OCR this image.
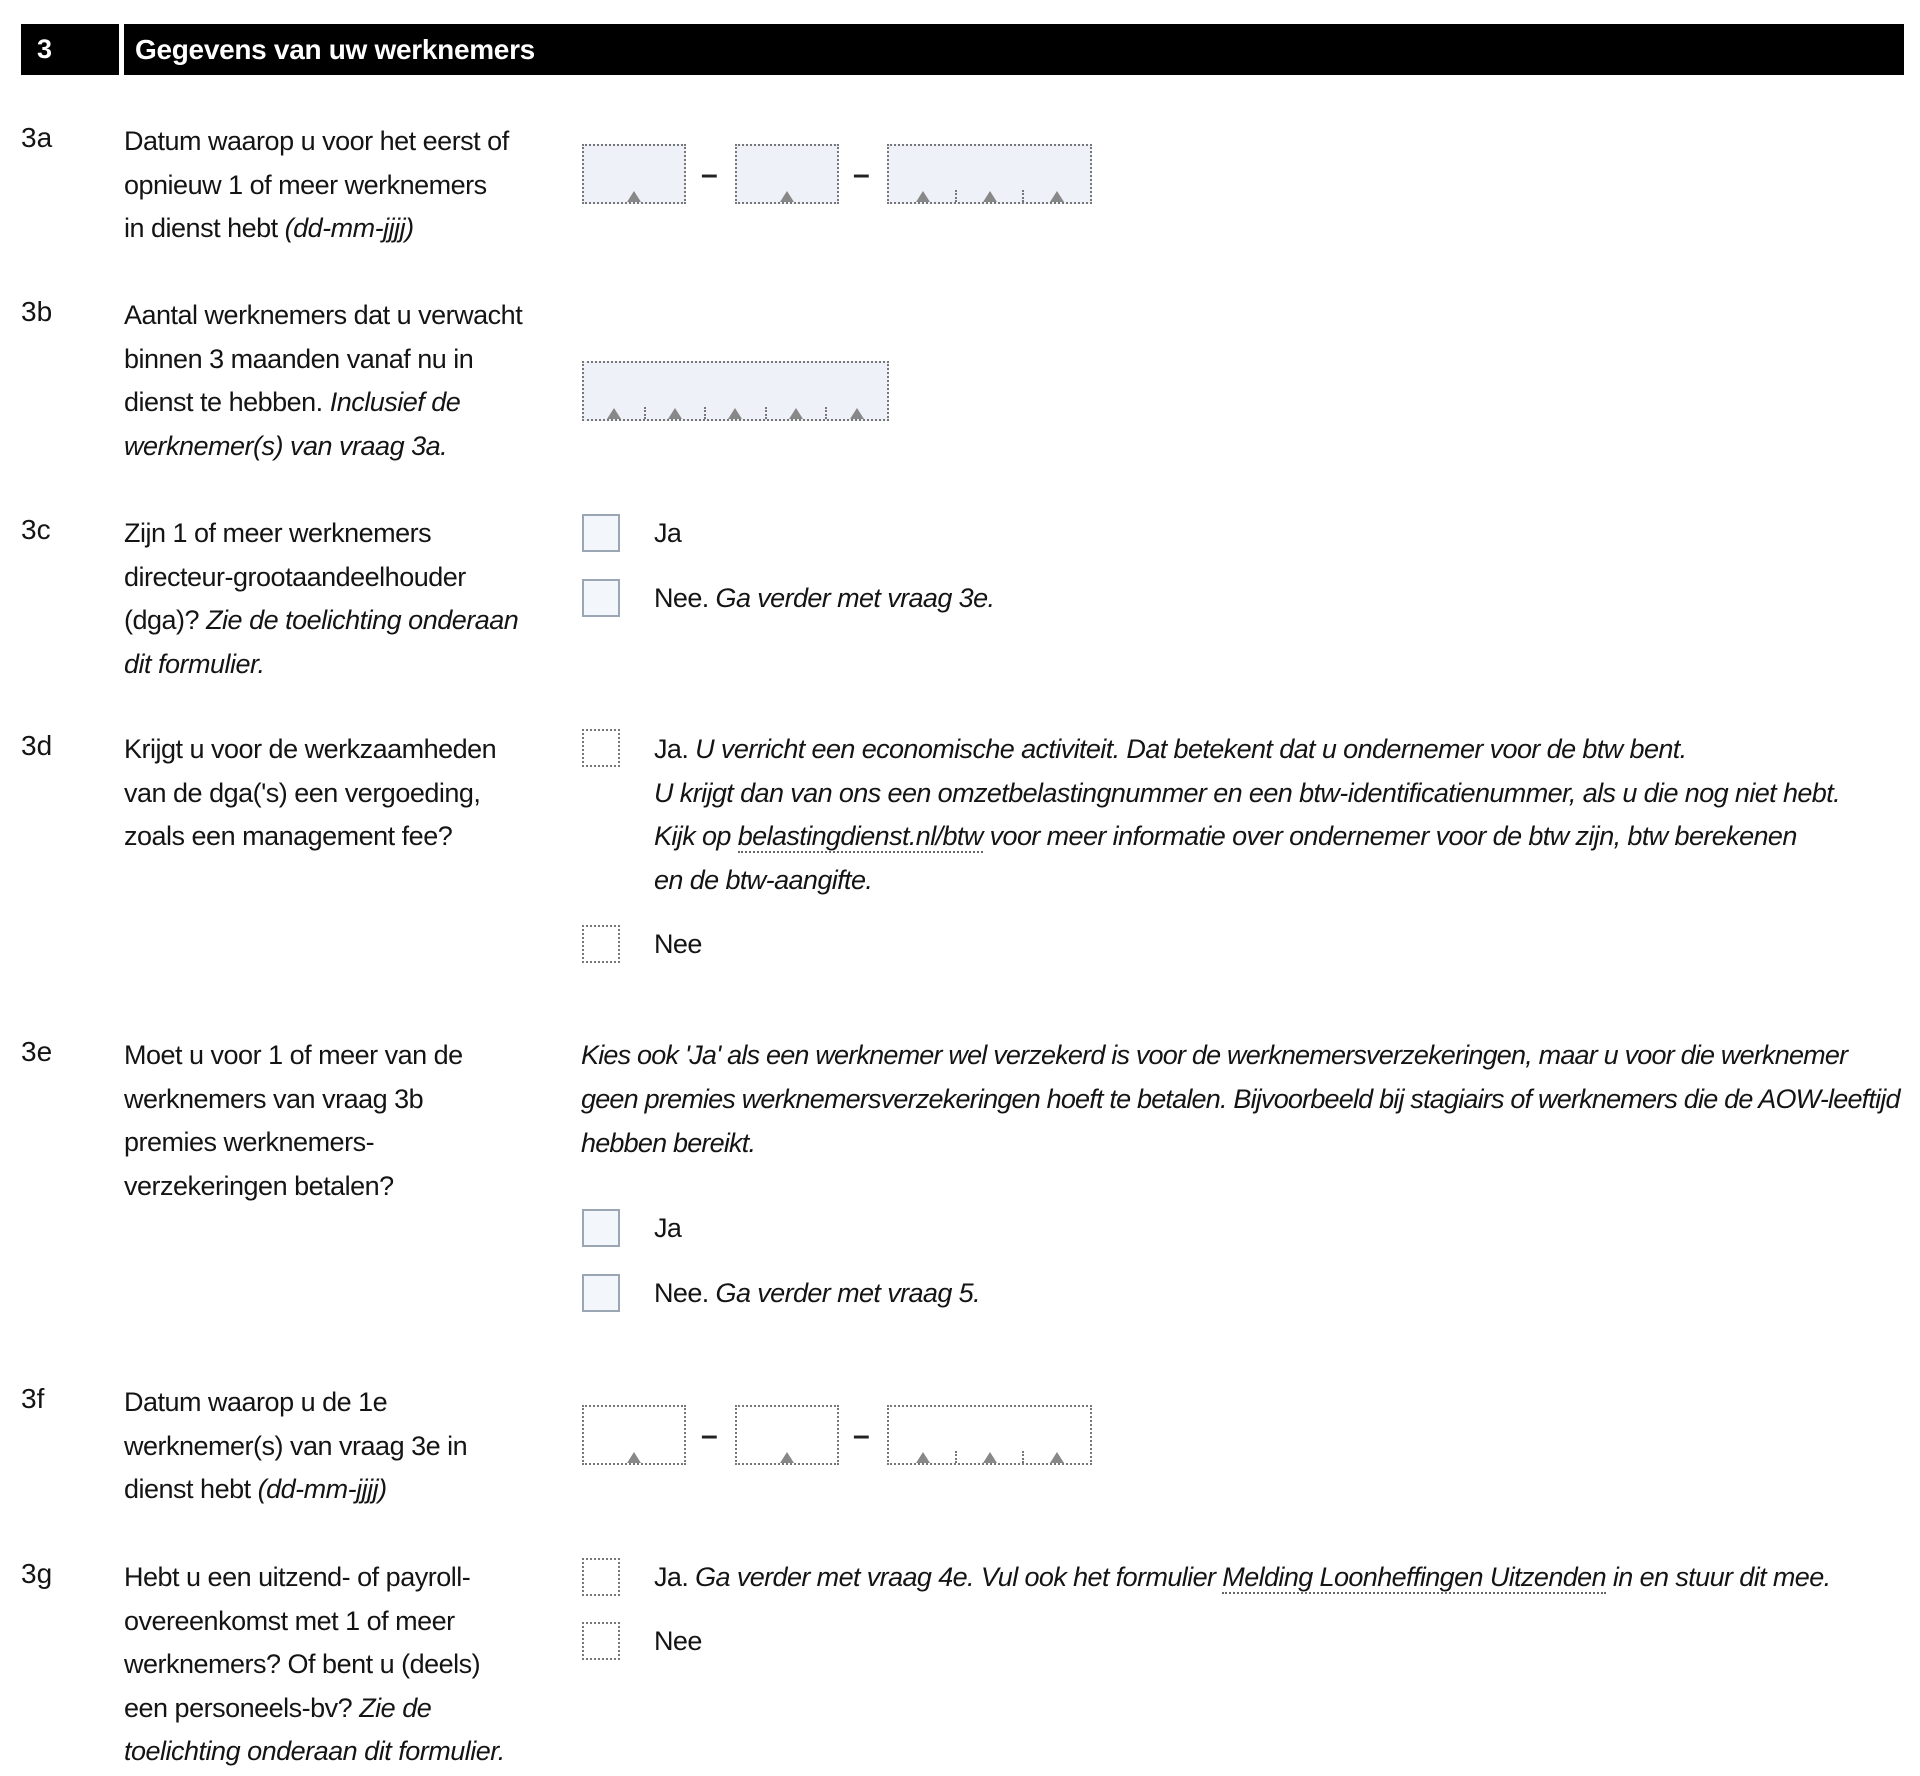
3	Gegevens van uw werknemers
3a	Datum waarop u voor het eerst of
opnieuw 1 of meer werknemers
in dienst hebt (dd-mm-jjjj)
–	–
3b	Aantal werknemers dat u verwacht
binnen 3 maanden vanaf nu in
dienst te hebben. Inclusief de
werknemer(s) van vraag 3a.
3c	Zijn 1 of meer werknemers
directeur-grootaandeelhouder
(dga)? Zie de toelichting onderaan
dit formulier.
Ja
Nee. Ga verder met vraag 3e.
3d	Krijgt u voor de werkzaamheden
van de dga('s) een vergoeding,
zoals een management fee?
Ja. U verricht een economische activiteit. Dat betekent dat u ondernemer voor de btw bent.
U krijgt dan van ons een omzetbelastingnummer en een btw-identificatienummer, als u die nog niet hebt.
Kijk op belastingdienst.nl/btw voor meer informatie over ondernemer voor de btw zijn, btw berekenen
en de btw-aangifte.
Nee
3e	Moet u voor 1 of meer van de
werknemers van vraag 3b
premies werknemers-
verzekeringen betalen?
Kies ook 'Ja' als een werknemer wel verzekerd is voor de werknemersverzekeringen, maar u voor die werknemer
geen premies werknemersverzekeringen hoeft te betalen. Bijvoorbeeld bij stagiairs of werknemers die de AOW-leeftijd
hebben bereikt.
Ja
Nee. Ga verder met vraag 5.
3f	Datum waarop u de 1e
werknemer(s) van vraag 3e in
dienst hebt (dd-mm-jjjj)
–	–
3g	Hebt u een uitzend- of payroll-
overeenkomst met 1 of meer
werknemers? Of bent u (deels)
een personeels-bv? Zie de
toelichting onderaan dit formulier.
Ja. Ga verder met vraag 4e. Vul ook het formulier Melding Loonheffingen Uitzenden in en stuur dit mee.
Nee
